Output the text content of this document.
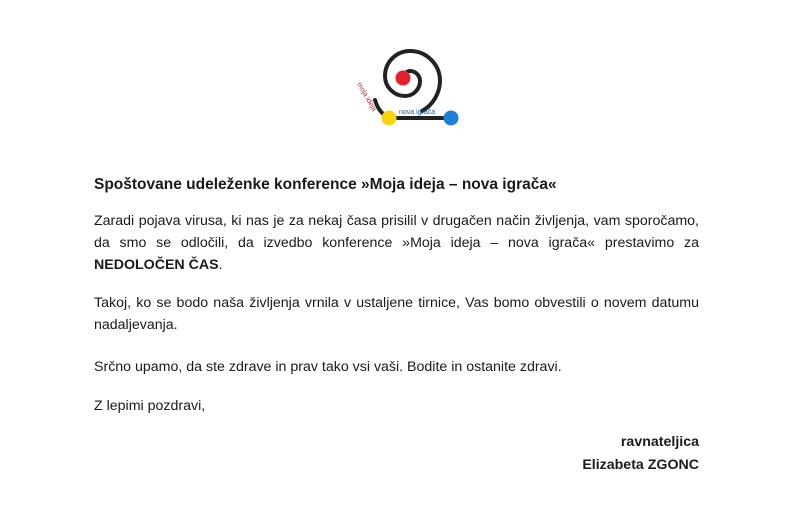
moja ideja	nova igrača
Spoštovane udeleženke konference »Moja ideja – nova igrača«

Zaradi pojava virusa, ki nas je za nekaj časa prisilil v drugačen način življenja, vam sporočamo, da smo se odločili, da izvedbo konference »Moja ideja – nova igrača« prestavimo za NEDOLOČEN ČAS.

Takoj, ko se bodo naša življenja vrnila v ustaljene tirnice, Vas bomo obvestili o novem datumu nadaljevanja.

Srčno upamo, da ste zdrave in prav tako vsi vaši. Bodite in ostanite zdravi.

Z lepimi pozdravi,

ravnateljica
Elizabeta ZGONC
